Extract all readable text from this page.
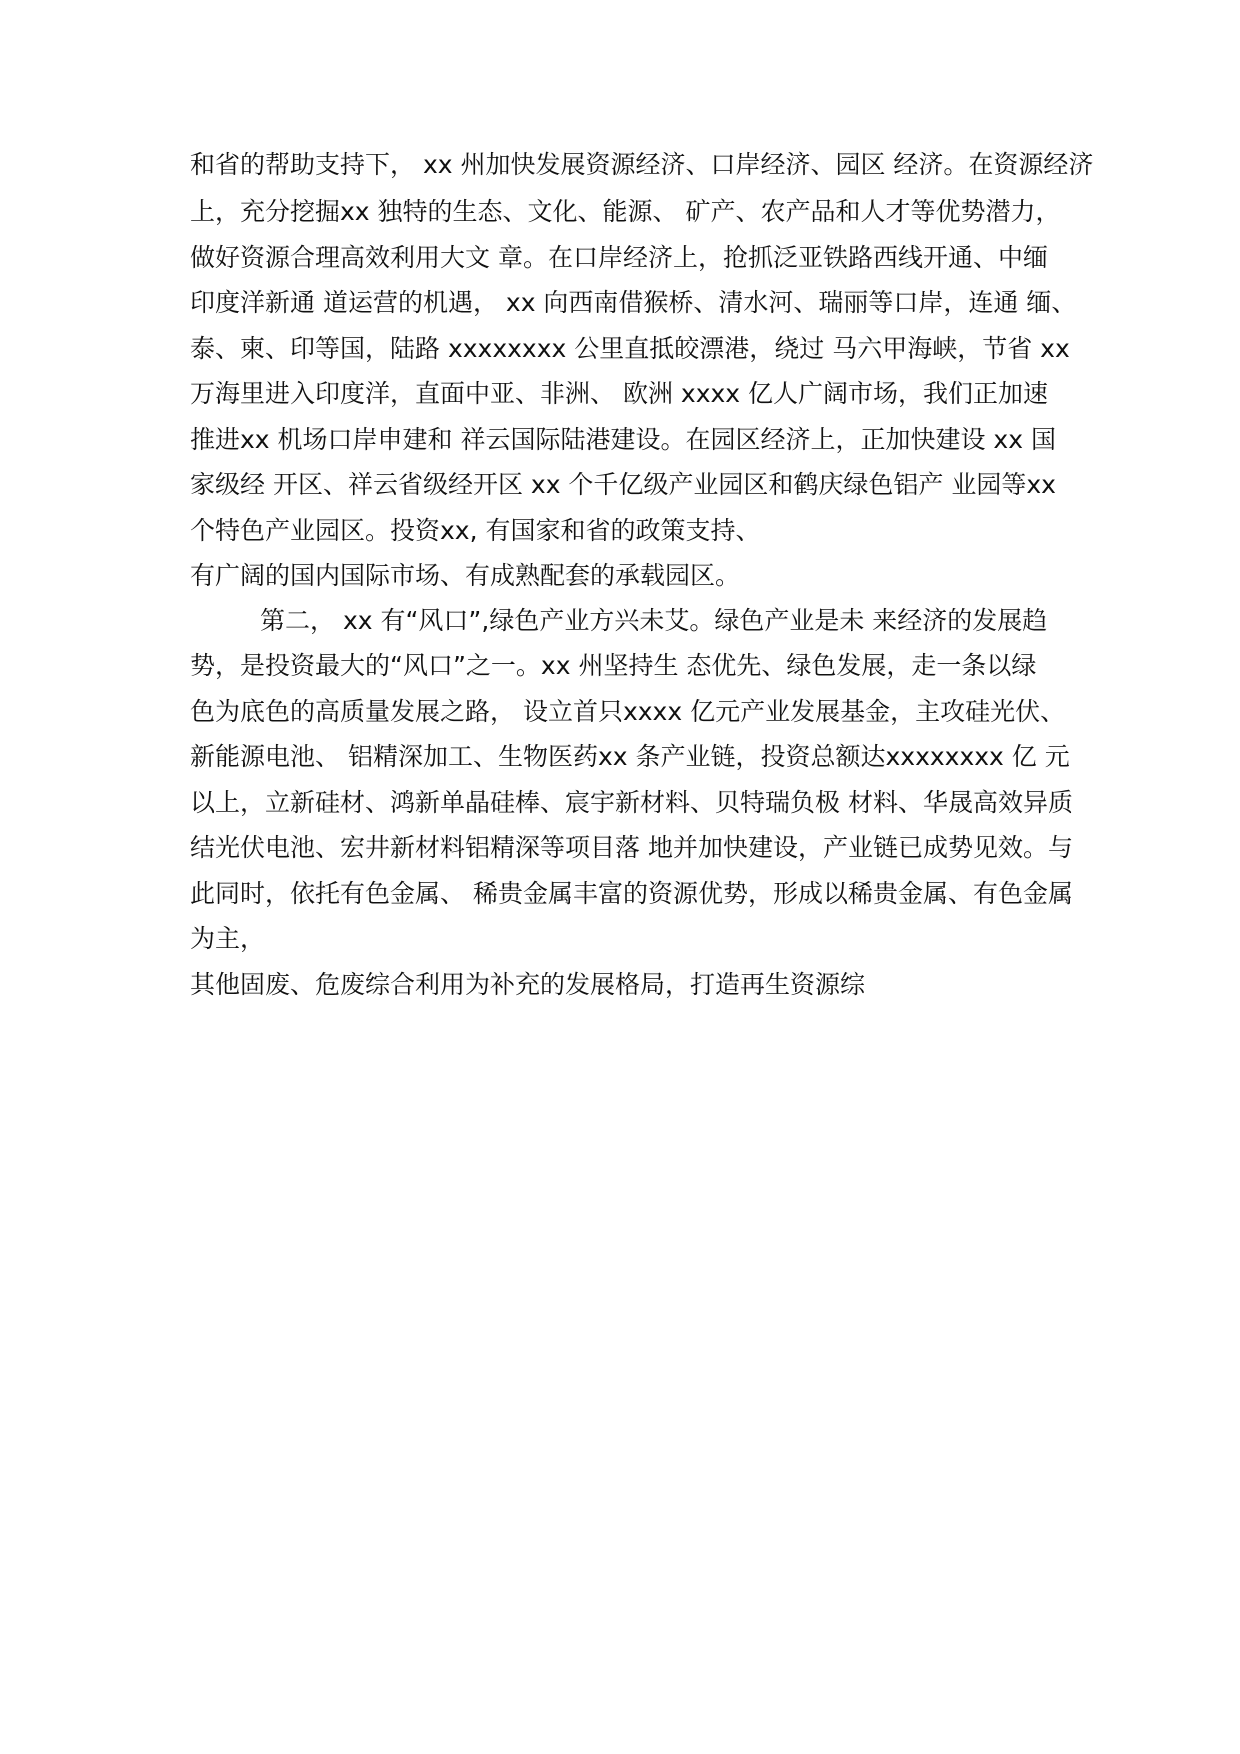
和省的帮助支持下， xx 州加快发展资源经济、口岸经济、园区 经济。在资源经济
上，充分挖掘xx 独特的生态、文化、能源、 矿产、农产品和人才等优势潜力，
做好资源合理高效利用大文 章。在口岸经济上，抢抓泛亚铁路西线开通、中缅
印度洋新通 道运营的机遇， xx 向西南借猴桥、清水河、瑞丽等口岸，连通 缅、
泰、柬、印等国，陆路 xxxxxxxx 公里直抵皎漂港，绕过 马六甲海峡，节省 xx
万海里进入印度洋，直面中亚、非洲、 欧洲 xxxx 亿人广阔市场，我们正加速
推进xx 机场口岸申建和 祥云国际陆港建设。在园区经济上，正加快建设 xx 国
家级经 开区、祥云省级经开区 xx 个千亿级产业园区和鹤庆绿色铝产 业园等xx
个特色产业园区。投资xx, 有国家和省的政策支持、
有广阔的国内国际市场、有成熟配套的承载园区。
第二， xx 有“风口”,绿色产业方兴未艾。绿色产业是未 来经济的发展趋
势，是投资最大的“风口”之一。xx 州坚持生 态优先、绿色发展，走一条以绿
色为底色的高质量发展之路， 设立首只xxxx 亿元产业发展基金，主攻硅光伏、
新能源电池、 铝精深加工、生物医药xx 条产业链，投资总额达xxxxxxxx 亿 元
以上，立新硅材、鸿新单晶硅棒、宸宇新材料、贝特瑞负极 材料、华晟高效异质
结光伏电池、宏井新材料铝精深等项目落 地并加快建设，产业链已成势见效。与
此同时，依托有色金属、 稀贵金属丰富的资源优势，形成以稀贵金属、有色金属
为主，
其他固废、危废综合利用为补充的发展格局，打造再生资源综
